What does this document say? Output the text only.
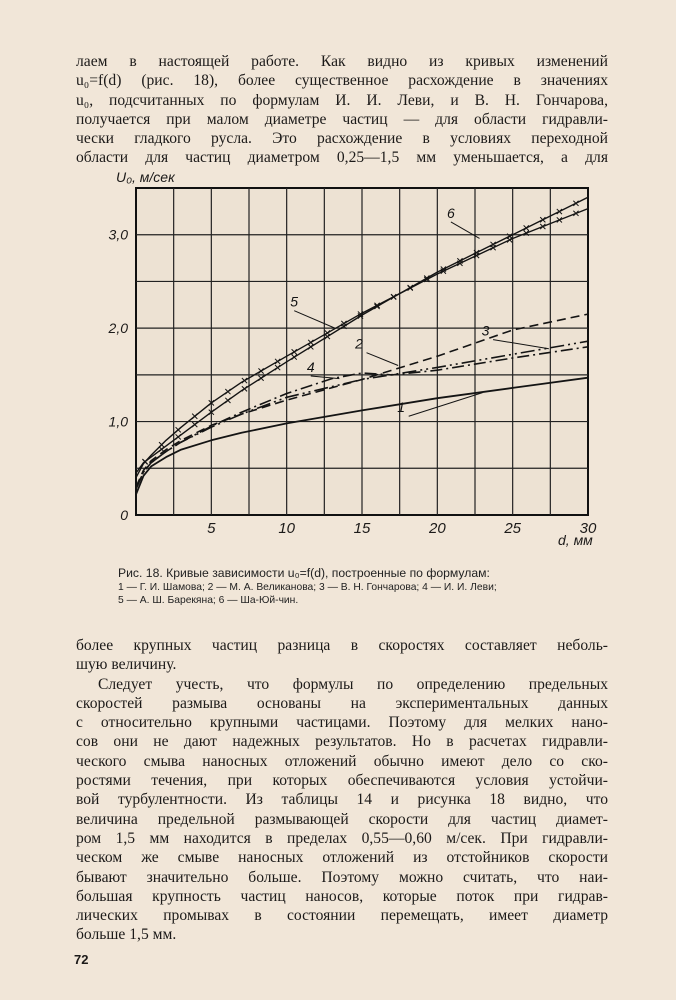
лаем в настоящей работе. Как видно из кривых изменений
u₀=f(d) (рис. 18), более существенное расхождение в значениях
u₀, подсчитанных по формулам И. И. Леви, и В. Н. Гончарова,
получается при малом диаметре частиц — для области гидравли-
чески гладкого русла. Это расхождение в условиях переходной
области для частиц диаметром 0,25—1,5 мм уменьшается, а для
5	10	15	20	25	30
0
1,0
2,0
3,0
U₀, м/сек
d, мм
1
2
3
4
5
6
Рис. 18. Кривые зависимости u₀=f(d), построенные по формулам:
1 — Г. И. Шамова; 2 — М. А. Великанова; 3 — В. Н. Гончарова; 4 — И. И. Леви;
5 — А. Ш. Барекяна; 6 — Ша-Юй-чин.
более крупных частиц разница в скоростях составляет неболь-
шую величину.
Следует учесть, что формулы по определению предельных
скоростей размыва основаны на экспериментальных данных
с относительно крупными частицами. Поэтому для мелких нано-
сов они не дают надежных результатов. Но в расчетах гидравли-
ческого смыва наносных отложений обычно имеют дело со ско-
ростями течения, при которых обеспечиваются условия устойчи-
вой турбулентности. Из таблицы 14 и рисунка 18 видно, что
величина предельной размывающей скорости для частиц диамет-
ром 1,5 мм находится в пределах 0,55—0,60 м/сек. При гидравли-
ческом же смыве наносных отложений из отстойников скорости
бывают значительно больше. Поэтому можно считать, что наи-
большая крупность частиц наносов, которые поток при гидрав-
лических промывах в состоянии перемещать, имеет диаметр
больше 1,5 мм.
72
